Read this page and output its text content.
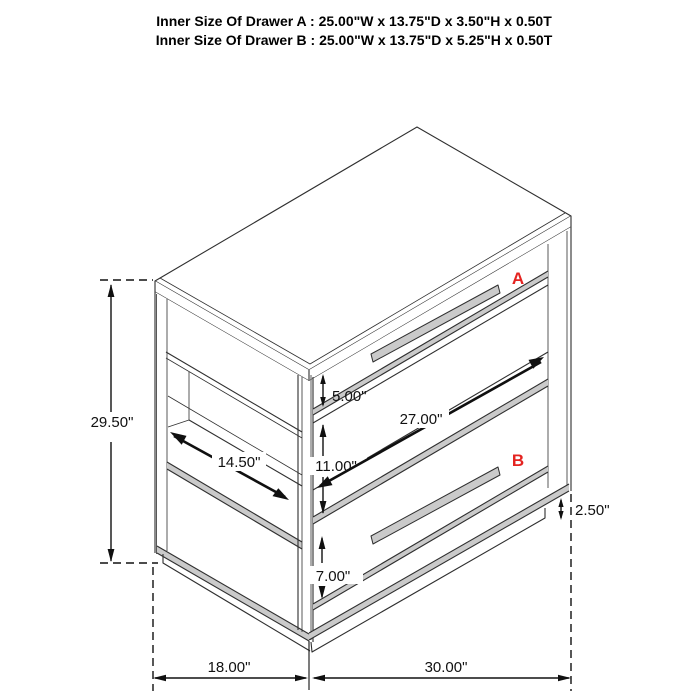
Inner Size Of Drawer A : 25.00"W x 13.75"D x 3.50"H x 0.50T
Inner Size Of Drawer B : 25.00"W x 13.75"D x 5.25"H x 0.50T
A
B
29.50"
5.00"
11.00"
7.00"
14.50"
27.00"
2.50"
18.00"	30.00"
